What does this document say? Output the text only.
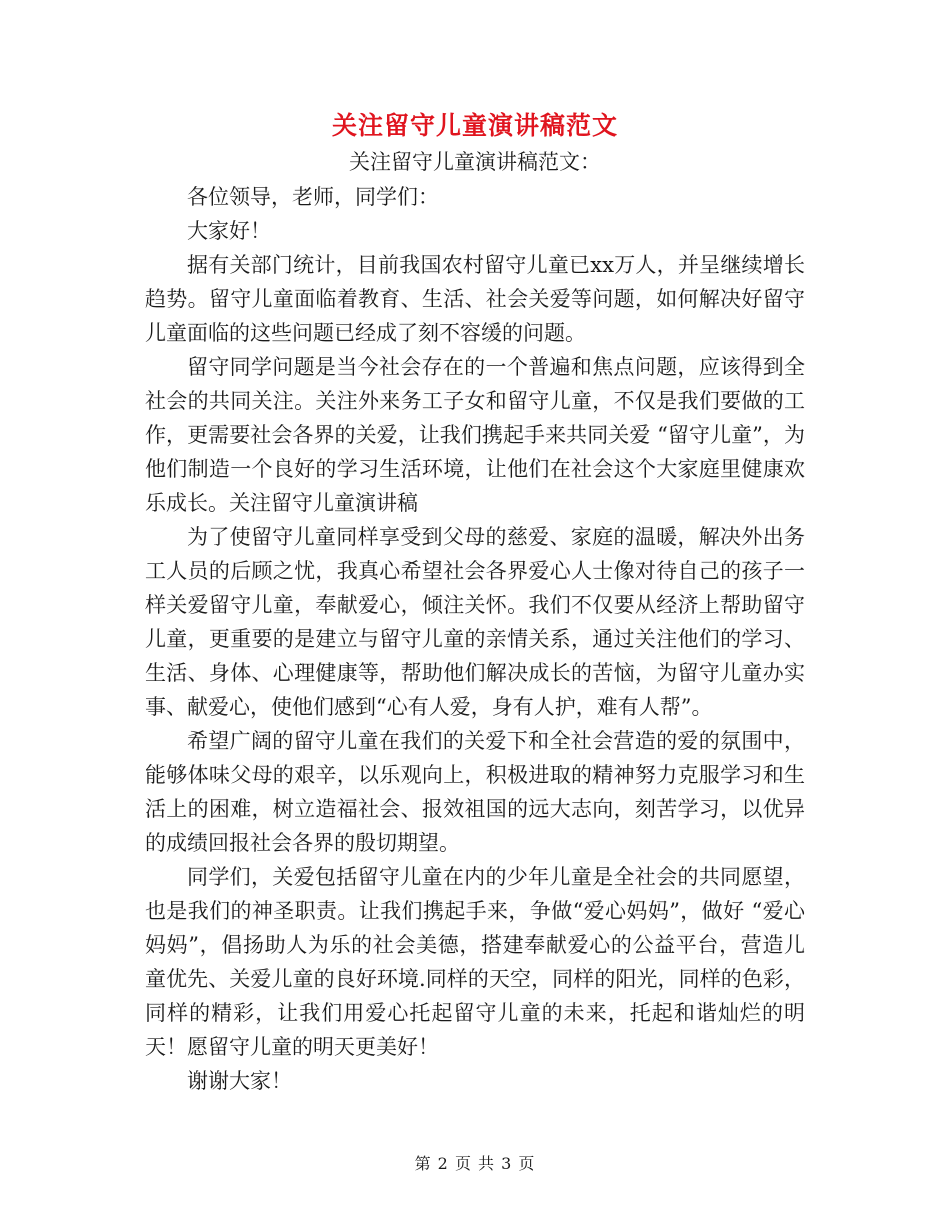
关注留守儿童演讲稿范文
关注留守儿童演讲稿范文：

各位领导，老师，同学们：

大家好！

据有关部门统计，目前我国农村留守儿童已xx万人，并呈继续增长趋势。留守儿童面临着教育、生活、社会关爱等问题，如何解决好留守儿童面临的这些问题已经成了刻不容缓的问题。

留守同学问题是当今社会存在的一个普遍和焦点问题，应该得到全社会的共同关注。关注外来务工子女和留守儿童，不仅是我们要做的工作，更需要社会各界的关爱，让我们携起手来共同关爱 “留守儿童”，为他们制造一个良好的学习生活环境，让他们在社会这个大家庭里健康欢乐成长。关注留守儿童演讲稿

为了使留守儿童同样享受到父母的慈爱、家庭的温暖，解决外出务工人员的后顾之忧，我真心希望社会各界爱心人士像对待自己的孩子一样关爱留守儿童，奉献爱心，倾注关怀。我们不仅要从经济上帮助留守儿童，更重要的是建立与留守儿童的亲情关系，通过关注他们的学习、生活、身体、心理健康等，帮助他们解决成长的苦恼，为留守儿童办实事、献爱心，使他们感到“心有人爱，身有人护，难有人帮”。

希望广阔的留守儿童在我们的关爱下和全社会营造的爱的氛围中，能够体味父母的艰辛，以乐观向上，积极进取的精神努力克服学习和生活上的困难，树立造福社会、报效祖国的远大志向，刻苦学习，以优异的成绩回报社会各界的殷切期望。

同学们，关爱包括留守儿童在内的少年儿童是全社会的共同愿望，也是我们的神圣职责。让我们携起手来，争做“爱心妈妈”，做好 “爱心妈妈”，倡扬助人为乐的社会美德，搭建奉献爱心的公益平台，营造儿童优先、关爱儿童的良好环境.同样的天空，同样的阳光，同样的色彩，同样的精彩，让我们用爱心托起留守儿童的未来，托起和谐灿烂的明天！愿留守儿童的明天更美好！

谢谢大家！

第 2 页 共 3 页
